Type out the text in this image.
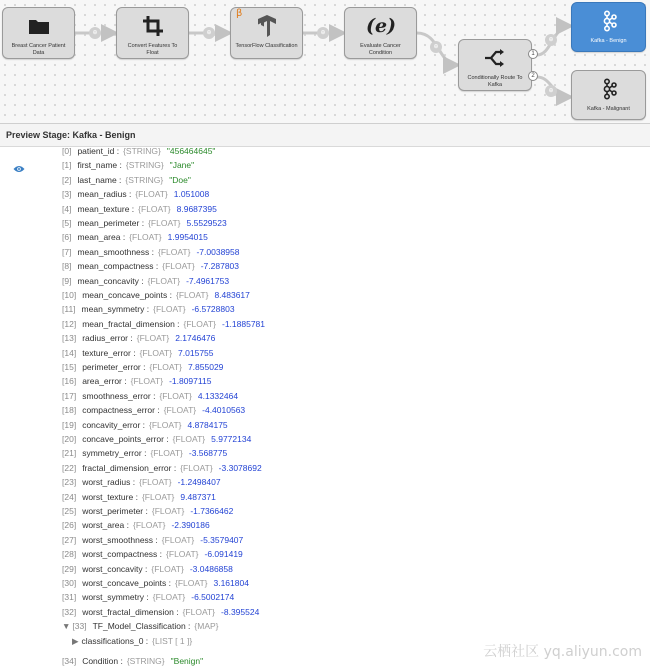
⊕	⊕	⊕
⊕
⊕
⊕
Breast Cancer Patient Data
Convert Features To Float
β
TensorFlow Classification
(e)
Evaluate Cancer Condition
Conditionally Route To Kafka
1
2
Kafka - Benign
Kafka - Malignant
Preview Stage: Kafka - Benign
[0] patient_id : {STRING} "456464645"
[1] first_name : {STRING} "Jane"
[2] last_name : {STRING} "Doe"
[3] mean_radius : {FLOAT} 1.051008
[4] mean_texture : {FLOAT} 8.9687395
[5] mean_perimeter : {FLOAT} 5.5529523
[6] mean_area : {FLOAT} 1.9954015
[7] mean_smoothness : {FLOAT} -7.0038958
[8] mean_compactness : {FLOAT} -7.287803
[9] mean_concavity : {FLOAT} -7.4961753
[10] mean_concave_points : {FLOAT} 8.483617
[11] mean_symmetry : {FLOAT} -6.5728803
[12] mean_fractal_dimension : {FLOAT} -1.1885781
[13] radius_error : {FLOAT} 2.1746476
[14] texture_error : {FLOAT} 7.015755
[15] perimeter_error : {FLOAT} 7.855029
[16] area_error : {FLOAT} -1.8097115
[17] smoothness_error : {FLOAT} 4.1332464
[18] compactness_error : {FLOAT} -4.4010563
[19] concavity_error : {FLOAT} 4.8784175
[20] concave_points_error : {FLOAT} 5.9772134
[21] symmetry_error : {FLOAT} -3.568775
[22] fractal_dimension_error : {FLOAT} -3.3078692
[23] worst_radius : {FLOAT} -1.2498407
[24] worst_texture : {FLOAT} 9.487371
[25] worst_perimeter : {FLOAT} -1.7366462
[26] worst_area : {FLOAT} -2.390186
[27] worst_smoothness : {FLOAT} -5.3579407
[28] worst_compactness : {FLOAT} -6.091419
[29] worst_concavity : {FLOAT} -3.0486858
[30] worst_concave_points : {FLOAT} 3.161804
[31] worst_symmetry : {FLOAT} -6.5002174
[32] worst_fractal_dimension : {FLOAT} -8.395524
▼ [33] TF_Model_Classification : {MAP}
▶ classifications_0 : {LIST [ 1 ]}
[34] Condition : {STRING} "Benign"
云栖社区 yq.aliyun.com
